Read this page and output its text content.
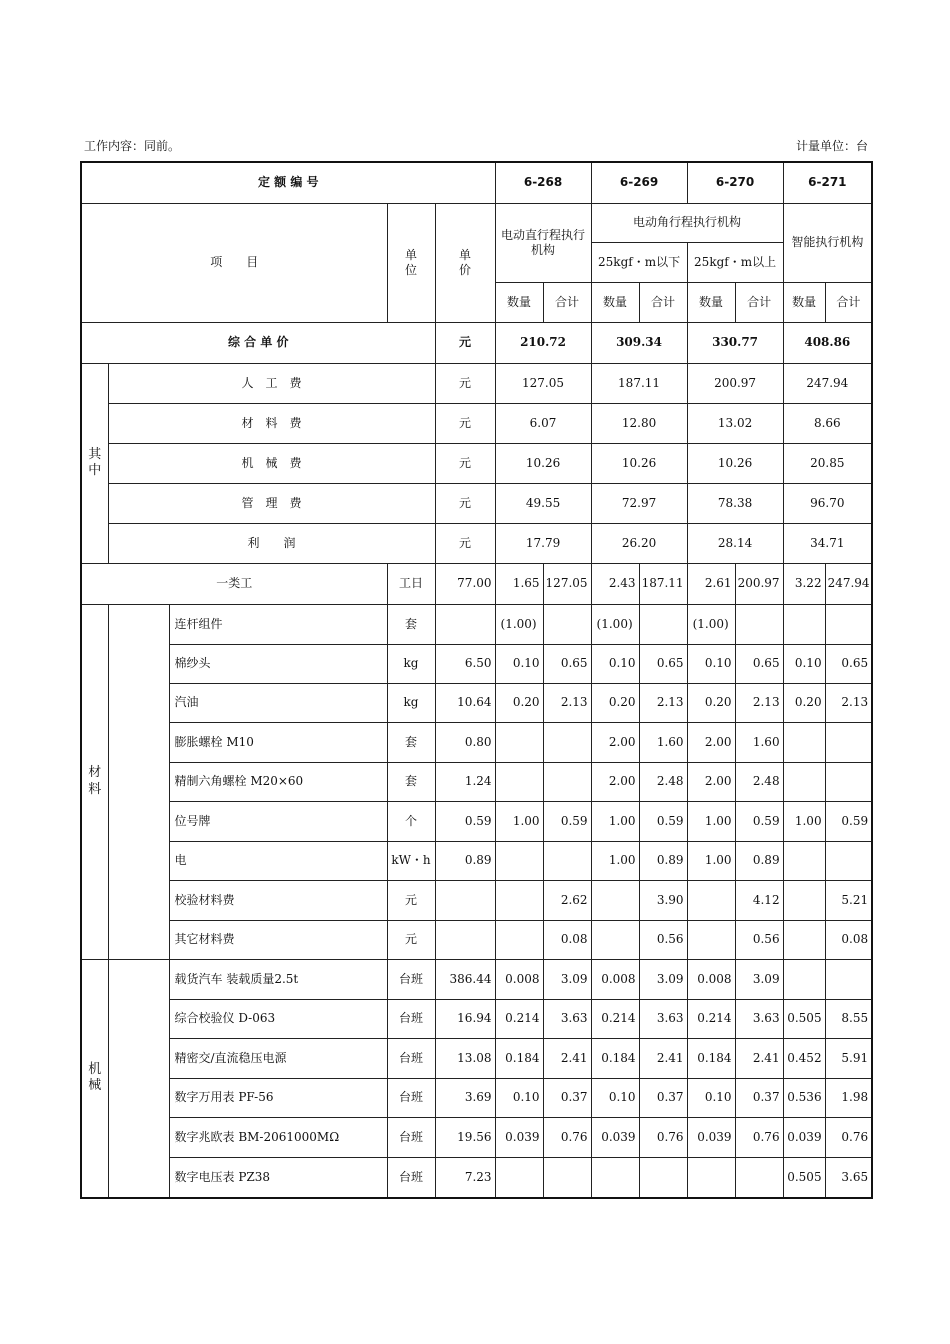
工作内容：同前。	计量单位：台
定 额 编 号					6-268		6-269		6-270		6-271	
项　　目			单位	单价	电动直行程执行机构		电动角行程执行机构				智能执行机构	
							25kgf・m以下		25kgf・m以上			
					数量	合计	数量	合计	数量	合计	数量	合计
综 合 单 价				元	210.72		309.34		330.77		408.86	
其中	人　工　费			元	127.05		187.11		200.97		247.94	
	材　料　费			元	6.07		12.80		13.02		8.66	
	机　械　费			元	10.26		10.26		10.26		20.85	
	管　理　费			元	49.55		72.97		78.38		96.70	
	利　　润			元	17.79		26.20		28.14		34.71	
一类工			工日	77.00	1.65	127.05	2.43	187.11	2.61	200.97	3.22	247.94
材料		连杆组件	套		(1.00)		(1.00)		(1.00)			
		棉纱头	kg	6.50	0.10	0.65	0.10	0.65	0.10	0.65	0.10	0.65
		汽油	kg	10.64	0.20	2.13	0.20	2.13	0.20	2.13	0.20	2.13
		膨胀螺栓 M10	套	0.80			2.00	1.60	2.00	1.60		
		精制六角螺栓 M20×60	套	1.24			2.00	2.48	2.00	2.48		
		位号牌	个	0.59	1.00	0.59	1.00	0.59	1.00	0.59	1.00	0.59
		电	kW・h	0.89			1.00	0.89	1.00	0.89		
		校验材料费	元			2.62		3.90		4.12		5.21
		其它材料费	元			0.08		0.56		0.56		0.08
机械		载货汽车 装载质量2.5t	台班	386.44	0.008	3.09	0.008	3.09	0.008	3.09		
		综合校验仪 D-063	台班	16.94	0.214	3.63	0.214	3.63	0.214	3.63	0.505	8.55
		精密交/直流稳压电源	台班	13.08	0.184	2.41	0.184	2.41	0.184	2.41	0.452	5.91
		数字万用表 PF-56	台班	3.69	0.10	0.37	0.10	0.37	0.10	0.37	0.536	1.98
		数字兆欧表 BM-2061000MΩ	台班	19.56	0.039	0.76	0.039	0.76	0.039	0.76	0.039	0.76
		数字电压表 PZ38	台班	7.23							0.505	3.65
